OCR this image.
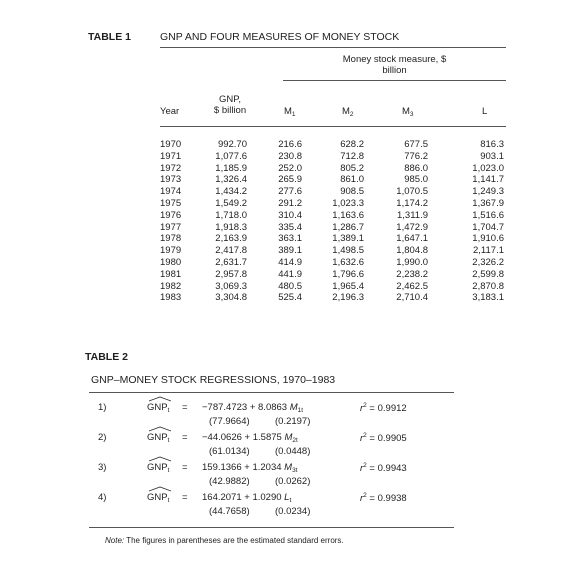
TABLE 1	GNP AND FOUR MEASURES OF MONEY STOCK
Money stock measure, $
billion
Year
GNP,
$ billion	$M_1$	$M_2$	$M_3$	L
1970	992.70	216.6	628.2	677.5	816.3
1971	1,077.6	230.8	712.8	776.2	903.1
1972	1,185.9	252.0	805.2	886.0	1,023.0
1973	1,326.4	265.9	861.0	985.0	1,141.7
1974	1,434.2	277.6	908.5	1,070.5	1,249.3
1975	1,549.2	291.2	1,023.3	1,174.2	1,367.9
1976	1,718.0	310.4	1,163.6	1,311.9	1,516.6
1977	1,918.3	335.4	1,286.7	1,472.9	1,704.7
1978	2,163.9	363.1	1,389.1	1,647.1	1,910.6
1979	2,417.8	389.1	1,498.5	1,804.8	2,117.1
1980	2,631.7	414.9	1,632.6	1,990.0	2,326.2
1981	2,957.8	441.9	1,796.6	2,238.2	2,599.8
1982	3,069.3	480.5	1,965.4	2,462.5	2,870.8
1983	3,304.8	525.4	2,196.3	2,710.4	3,183.1
TABLE 2
GNP–MONEY STOCK REGRESSIONS, 1970–1983
1)	$GNP_t = -787.4723 + 8.0863$ $M_{1t}$
(77.9664)	(0.2197)
$r^2 = 0.9912$
2)	$GNP_t = -44.0626 + 1.5875$ $M_{2t}$
(61.0134)	(0.0448)
$r^2 = 0.9905$
3)	$GNP_t = 159.1366 + 1.2034$ $M_{3t}$
(42.9882)	(0.0262)
$r^2 = 0.9943$
4)	$GNP_t = 164.2071 + 1.0290$ $L_t$
(44.7658)	(0.0234)
$r^2 = 0.9938$
Note: The figures in parentheses are the estimated standard errors.
